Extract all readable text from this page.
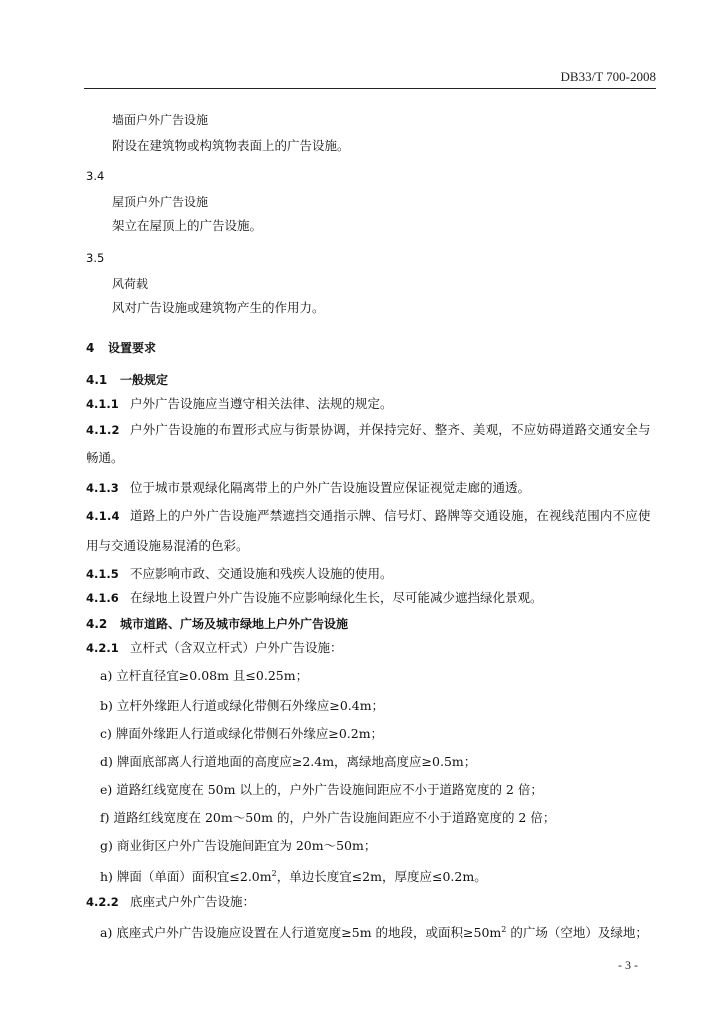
DB33/T 700-2008
墙面户外广告设施
附设在建筑物或构筑物表面上的广告设施。
3.4
屋顶户外广告设施
架立在屋顶上的广告设施。
3.5
风荷载
风对广告设施或建筑物产生的作用力。
4 设置要求
4.1 一般规定
4.1.1 户外广告设施应当遵守相关法律、法规的规定。
4.1.2 户外广告设施的布置形式应与街景协调，并保持完好、整齐、美观，不应妨碍道路交通安全与
畅通。
4.1.3 位于城市景观绿化隔离带上的户外广告设施设置应保证视觉走廊的通透。
4.1.4 道路上的户外广告设施严禁遮挡交通指示牌、信号灯、路牌等交通设施，在视线范围内不应使
用与交通设施易混淆的色彩。
4.1.5 不应影响市政、交通设施和残疾人设施的使用。
4.1.6 在绿地上设置户外广告设施不应影响绿化生长，尽可能减少遮挡绿化景观。
4.2 城市道路、广场及城市绿地上户外广告设施
4.2.1 立杆式（含双立杆式）户外广告设施：
a) 立杆直径宜≥0.08m 且≤0.25m；
b) 立杆外缘距人行道或绿化带侧石外缘应≥0.4m；
c) 牌面外缘距人行道或绿化带侧石外缘应≥0.2m；
d) 牌面底部离人行道地面的高度应≥2.4m，离绿地高度应≥0.5m；
e) 道路红线宽度在 50m 以上的，户外广告设施间距应不小于道路宽度的 2 倍；
f) 道路红线宽度在 20m～50m 的，户外广告设施间距应不小于道路宽度的 2 倍；
g) 商业街区户外广告设施间距宜为 20m～50m；
h) 牌面（单面）面积宜$\le 2.0m^2$，单边长度宜≤2m，厚度应≤0.2m。
4.2.2 底座式户外广告设施：
a) 底座式户外广告设施应设置在人行道宽度≥5m 的地段，或面积$\ge 50m^2$ 的广场（空地）及绿地；
- 3 -
